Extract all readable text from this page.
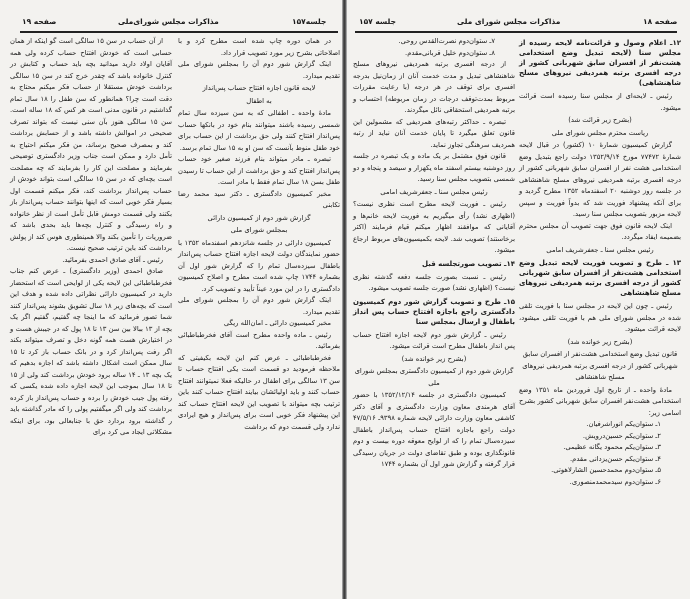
صفحه ۱۹	مذاکرات مجلس شورای‌ملی	جلسه۱۵۷

از آن حساب در سن ۱۵ سالگی است گو اینکه از همان حسابی است که خودش افتتاح حساب کرده ولی همه آقایان اولاد دارید میدانید بچه باید حساب و کتابش در کنترل خانواده باشد که چقدر خرج کند در سن ۱۵ سالگی برداشت خودش مستقلا از حساب فکر میکنم محتاج به دقت است چرا؟ همانطور که سن طفل را ۱۸ سال تمام گذاشتیم در قانون مدنی است هر کس که ۱۸ ساله است. سن ۱۵ سالگی هنوز بآن سنی نیست که بتواند تصرف صحیحی در اموالش داشته باشد و از حسابش برداشت کند و بمصرف صحیح برساند، من فکر میکنم احتیاج به تأمل دارد و ممکن است جناب وزیر دادگستری توضیحی بفرمایند و مصلحت این کار را بفرمایند که چه مصلحت است بچه‌ای که در سن ۱۵ سالگی است بتواند خودش از حساب پس‌انداز برداشت کند، فکر میکنم قسمت اول بسیار فکر خوبی است که اینها بتوانند حساب پس‌انداز باز بکنند ولی قسمت دومش قابل تأمل است از نظر خانواده و راه رسیدگی و کنترل بچه‌ها باید بحدی باشد که ضروریات را تأمین بکند والا همینطوری هوس کند از پولش برداشت کند باین ترتیب صحیح نیست.

رئیس ـ آقای صادق احمدی بفرمائید.

صادق احمدی (وزیر دادگستری) ـ عرض کنم جناب فخرطباطبائی این لایحه یکی از لوایحی است که استحضار دارید در کمیسیون دارائی نظراتی داده شده و هدف این است که بچه‌های زیر ۱۸ سال تشویق بشوند پس‌انداز کنند شما تصور فرمائید که ما اینجا چه گفتیم، گفتیم اگر یک بچه از ۱۳ ببالا بین سن ۱۳ تا ۱۸ پول که در جیبش هست و در اختیارش هست همه گونه دخل و تصرف میتواند بکند اگر رفت پس‌انداز کرد و در بانک حساب باز کرد تا ۱۵ سال ممکن است اشکال داشته باشد که اجازه بدهیم که یک بچه ۱۳ ـ ۱۴ ساله برود خودش برداشت کند ولی از ۱۵ تا ۱۸ سال بموجب این لایحه اجازه داده شده یکسی که رفته پول جیب خودش را برده و حساب پس‌انداز باز کرده برداشت کند ولی اگر میگفتیم پولی را که مادر گذاشته باید ر گذاشته برود بردارد حق با جنابعالی بود، برای اینکه مشکلاتی ایجاد می کرد برای

در همان دوره چاپ شده است مطرح کرد و با اصلاحاتی بشرح زیر مورد تصویب قرار داد.

اینک گزارش شور دوم آن را بمجلس شورای ملی تقدیم میدارد.

لایحه قانون اجازه افتتاح حساب پس‌انداز

به اطفال

مادهٔ واحده ـ اطفالی که به سن سیزده سال تمام شمسی رسیده باشند میتوانند بنام خود در بانکها حساب پس‌انداز افتتاح کنند ولی حق برداشت از این حساب برای خود طفل منوط بآنست که سن او به ۱۵ سال تمام برسد.

تبصره ـ مادر میتواند بنام فرزند صغیر خود حساب پس‌انداز افتتاح کند و حق برداشت از این حساب تا رسیدن طفل بسن ۱۸ سال تمام فقط با مادر است.

مخبر کمیسیون دادگستری ـ دکتر سید محمد رضا تکابنی

گزارش شور دوم از کمیسیون دارائی

بمجلس شورای ملی

کمیسیون دارائی در جلسه شانزدهم اسفندماه ۱۳۵۲ با حضور نمایندگان دولت لایحه اجازه افتتاح حساب پس‌انداز باطفال سیزده‌سال تمام را که گزارش شور اول آن بشماره ۱۷۴۴ چاپ شده است مطرح و اصلاح کمیسیون دادگستری را در این مورد عیناً تأیید و تصویب کرد.

اینک گزارش شور دوم آن را بمجلس شورای ملی تقدیم میدارد.

مخبر کمیسیون دارائی ـ امان‌الله ریگی

رئیس ـ ماده واحده مطرح است آقای فخرطباطبائی بفرمائید.

فخرطباطبائی ـ عرض کنم این لایحه بکیفیتی که ملاحظه فرمودید دو قسمت است یکی افتتاح حساب تا سن ۱۳ سالگی برای اطفال در حالیکه فعلا نمیتوانند افتتاح حساب کنند و باید اولیائشان بیایند افتتاح حساب کنند باین ترتیب بچه میتواند با تصویب این لایحه افتتاح حساب کند این پیشنهاد فکر خوبی است برای پس‌انداز و هیچ ایرادی ندارد ولی قسمت دوم که برداشت

جلسه ۱۵۷	مذاکرات مجلس شورای ملی	صفحه ۱۸

۷ـ ستوان‌دوم نصرت‌القدس روحی.

۸ـ ستوان‌دوم خلیل قربانی‌مقدم.

از درجه افسری برتبه همردیفی نیروهای مسلح شاهنشاهی تبدیل و مدت خدمت آنان از زمان‌نیل بدرجه افسری برای توقف در هر درجه (با رعایت مقررات مربوط بمدت‌توقف درجات در زمان مربوطه) احتساب و برتبه همردیفی استحقاقی نائل میگردند.

تبصره ـ حداکثر رتبه‌های همردیفی که مشمولین این قانون تعلق میگیرد تا پایان خدمت آنان نباید از رتبه همردیف سرهنگی تجاوز نماید.

قانون فوق مشتمل بر یک ماده و یک تبصره در جلسه روز دوشنبه بیستم اسفند ماه یکهزار و سیصد و پنجاه و دو شمسی بتصویب مجلس سنا رسید.

رئیس مجلس سنا ـ جعفرشریف امامی

رئیس ـ فوریت لایحه مطرح است نظری نیست؟ (اظهاری نشد) رأی میگیریم به فوریت لایحه خانم‌ها و آقایانی که موافقند اظهار میکنم قیام فرمایند (اکثر برخاستند) تصویب شد. لایحه بکمیسیون‌های مربوط ارجاع میشود.

۱۴ـ تصویب صورتجلسه قبل

رئیس ـ نسبت بصورت جلسه دفعه گذشته نظری نیست؟ (اظهاری نشد) صورت جلسه تصویب میشود.

۱۵ـ طرح و تصویب گزارش شور دوم کمیسیون دادگستری راجع باجازه افتتاح حساب پس انداز باطفال و ارسال بمجلس سنا

رئیس ـ گزارش شور دوم لایحه اجازه افتتاح حساب پس انداز باطفال مطرح است قرائت میشود.

(بشرح زیر خوانده شد)

گزارش شور دوم از کمیسیون دادگستری بمجلس شورای ملی

کمیسیون دادگستری در جلسه ۱۳۵۲/۱۲/۱۴ با حضور آقای هرمندی معاون وزارت دادگستری و آقای دکتر کاشفی معاون وزارت دارائی لایحه شماره ۹۳۹۸ـ ۴۷/۵/۱۶ دولت راجع باجازه افتتاح حساب پس‌انداز باطفال سیزده‌سال تمام را که از لوایح معوقه دوره بیست و دوم قانونگذاری بوده و طبق تقاضای دولت در جریان رسیدگی قرار گرفته و گزارش شور اول آن بشماره ۱۷۴۴

۱۲ـ اعلام وصول و قرائت‌نامه لایحه رسیده از مجلس سنا (لایحه تبدیل وضع استخدامی هشت‌نفر از افسران سابق شهربانی کشور از درجه افسری برتبه همردیفی نیروهای مسلح شاهنشاهی)

رئیس ـ لایحه‌ای از مجلس سنا رسیده است قرائت میشود.

(بشرح زیر قرائت شد)

ریاست محترم مجلس شورای ملی

گزارش کمیسیون شمارهٔ ۱۰ (کشور) در قبال لایحه شمارهٔ ۷۷۴۷۲ مورخ ۱۳۵۲/۹/۱۴ دولت راجع بتبدیل وضع استخدامی هشت نفر از افسران سابق شهربانی کشور از درجه افسری برتبه همردیفی نیروهای مسلح شاهنشاهی در جلسه روز دوشنبه ۲۰ اسفندماه ۱۳۵۲ مطرح گردید و برای آنکه پیشنهاد فوریت شد که بدواً فوریت و سپس لایحه مزبور بتصویب مجلس سنا رسید.

اینک لایحه قانون فوق جهت تصویب آن مجلس محترم بضمیمه ایفاد میگردد.

رئیس مجلس سنا ـ جعفرشریف امامی

۱۳ ـ طرح و تصویب فوریت لایحه تبدیل وضع استخدامی هشت‌نفر از افسران سابق شهربانی کشور از درجه افسری برتبه همردیفی نیروهای مسلح شاهنشاهی

رئیس ـ چون این لایحه در مجلس سنا با فوریت تلقی شده در مجلس شورای ملی هم با فوریت تلقی میشود، لایحه قرائت میشود.

(بشرح زیر خوانده شد)

قانون تبدیل وضع استخدامی هشت‌نفر از افسران سابق شهربانی کشور از درجه افسری برتبه همردیفی نیروهای مسلح شاهنشاهی

مادهٔ واحده ـ از تاریخ اول فروردین ماه ۱۳۵۱ وضع استخدامی هشت‌نفر افسران سابق شهربانی کشور بشرح اسامی زیر:

۱ـ ستوان‌یکم انوراشرفیان.

۲ـ ستوان‌یکم حسین‌درویش.

۳ـ ستوان‌یکم محمود یگانه عظیمی.

۴ـ ستوان‌یکم حسن‌یزدانی مقدم.

۵ـ ستوان‌دوم محمدحسین الشارلاهوتی.

۶ـ ستوان‌دوم سیدمحمدمنصوری.
